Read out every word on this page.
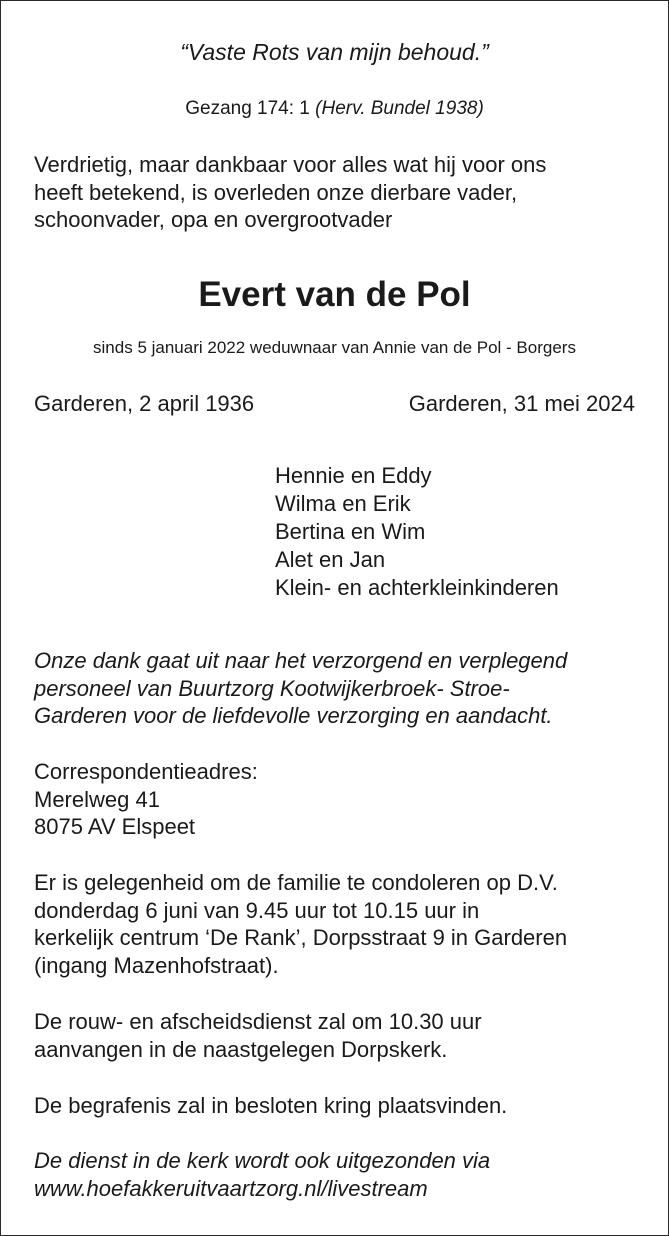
“Vaste Rots van mijn behoud.”

Gezang 174: 1 (Herv. Bundel 1938)

Verdrietig, maar dankbaar voor alles wat hij voor ons
heeft betekend, is overleden onze dierbare vader,
schoonvader, opa en overgrootvader
Evert van de Pol

sinds 5 januari 2022 weduwnaar van Annie van de Pol - Borgers

Garderen, 2 april 1936	Garderen, 31 mei 2024
Hennie en Eddy
Wilma en Erik
Bertina en Wim
Alet en Jan
Klein- en achterkleinkinderen
Onze dank gaat uit naar het verzorgend en verplegend
personeel van Buurtzorg Kootwijkerbroek- Stroe-
Garderen voor de liefdevolle verzorging en aandacht.
Correspondentieadres:
Merelweg 41
8075 AV Elspeet
Er is gelegenheid om de familie te condoleren op D.V.
donderdag 6 juni van 9.45 uur tot 10.15 uur in
kerkelijk centrum ‘De Rank’, Dorpsstraat 9 in Garderen
(ingang Mazenhofstraat).
De rouw- en afscheidsdienst zal om 10.30 uur
aanvangen in de naastgelegen Dorpskerk.
De begrafenis zal in besloten kring plaatsvinden.
De dienst in de kerk wordt ook uitgezonden via
www.hoefakkeruitvaartzorg.nl/livestream
